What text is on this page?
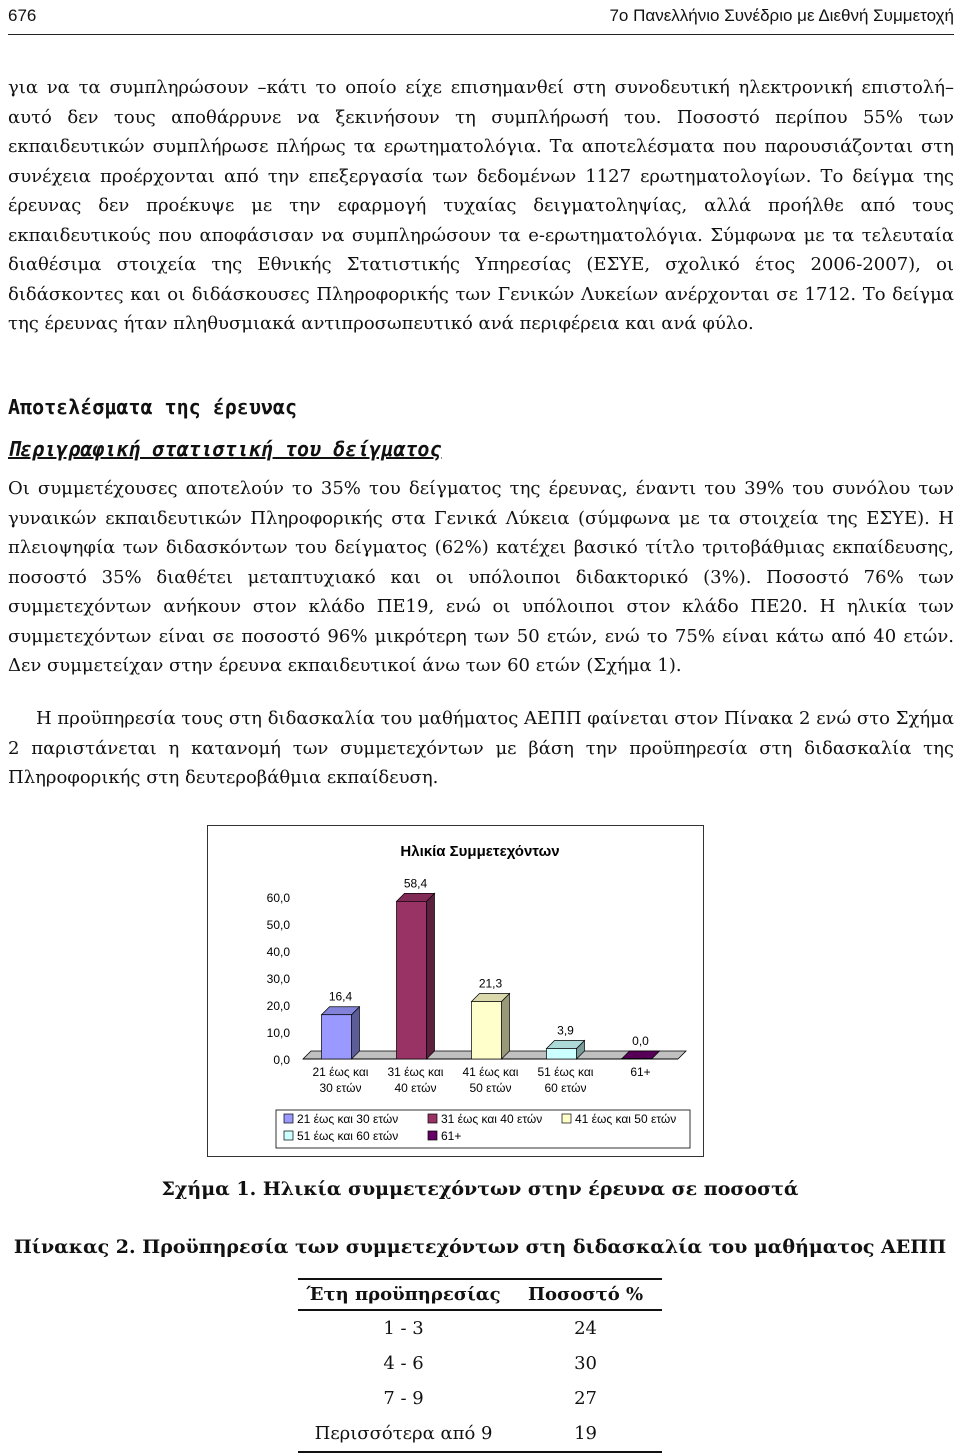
676	7ο Πανελλήνιο Συνέδριο με Διεθνή Συμμετοχή

για να τα συμπληρώσουν –κάτι το οποίο είχε επισημανθεί στη συνοδευτική ηλεκτρονική επιστολή– αυτό δεν τους αποθάρρυνε να ξεκινήσουν τη συμπλήρωσή του. Ποσοστό περίπου 55% των εκπαιδευτικών συμπλήρωσε πλήρως τα ερωτηματολόγια. Τα αποτελέσματα που παρουσιάζονται στη συνέχεια προέρχονται από την επεξεργασία των δεδομένων 1127 ερωτηματολογίων. Το δείγμα της έρευνας δεν προέκυψε με την εφαρμογή τυχαίας δειγματοληψίας, αλλά προήλθε από τους εκπαιδευτικούς που αποφάσισαν να συμπληρώσουν τα e-ερωτηματολόγια. Σύμφωνα με τα τελευταία διαθέσιμα στοιχεία της Εθνικής Στατιστικής Υπηρεσίας (ΕΣΥΕ, σχολικό έτος 2006-2007), οι διδάσκοντες και οι διδάσκουσες Πληροφορικής των Γενικών Λυκείων ανέρχονται σε 1712. Το δείγμα της έρευνας ήταν πληθυσμιακά αντιπροσωπευτικό ανά περιφέρεια και ανά φύλο.

Αποτελέσματα της έρευνας
Περιγραφική στατιστική του δείγματος

Οι συμμετέχουσες αποτελούν το 35% του δείγματος της έρευνας, έναντι του 39% του συνόλου των γυναικών εκπαιδευτικών Πληροφορικής στα Γενικά Λύκεια (σύμφωνα με τα στοιχεία της ΕΣΥΕ). Η πλειοψηφία των διδασκόντων του δείγματος (62%) κατέχει βασικό τίτλο τριτοβάθμιας εκπαίδευσης, ποσοστό 35% διαθέτει μεταπτυχιακό και οι υπόλοιποι διδακτορικό (3%). Ποσοστό 76% των συμμετεχόντων ανήκουν στον κλάδο ΠΕ19, ενώ οι υπόλοιποι στον κλάδο ΠΕ20. Η ηλικία των συμμετεχόντων είναι σε ποσοστό 96% μικρότερη των 50 ετών, ενώ το 75% είναι κάτω από 40 ετών. Δεν συμμετείχαν στην έρευνα εκπαιδευτικοί άνω των 60 ετών (Σχήμα 1).

Η προϋπηρεσία τους στη διδασκαλία του μαθήματος ΑΕΠΠ φαίνεται στον Πίνακα 2 ενώ στο Σχήμα 2 παριστάνεται η κατανομή των συμμετεχόντων με βάση την προϋπηρεσία στη διδασκαλία της Πληροφορικής στη δευτεροβάθμια εκπαίδευση.

Ηλικία Συμμετεχόντων
0,0
10,0
20,0
30,0
40,0
50,0
60,0
21 έως και
30 ετών
31 έως και
40 ετών
41 έως και
50 ετών
51 έως και
60 ετών
61+
16,4
58,4
21,3
3,9
0,0
21 έως και 30 ετών	31 έως και 40 ετών	41 έως και 50 ετών
51 έως και 60 ετών	61+

Σχήμα 1. Ηλικία συμμετεχόντων στην έρευνα σε ποσοστά

Πίνακας 2. Προϋπηρεσία των συμμετεχόντων στη διδασκαλία του μαθήματος ΑΕΠΠ

Έτη προϋπηρεσίας	Ποσοστό %
1 - 3	24
4 - 6	30
7 - 9	27
Περισσότερα από 9	19
